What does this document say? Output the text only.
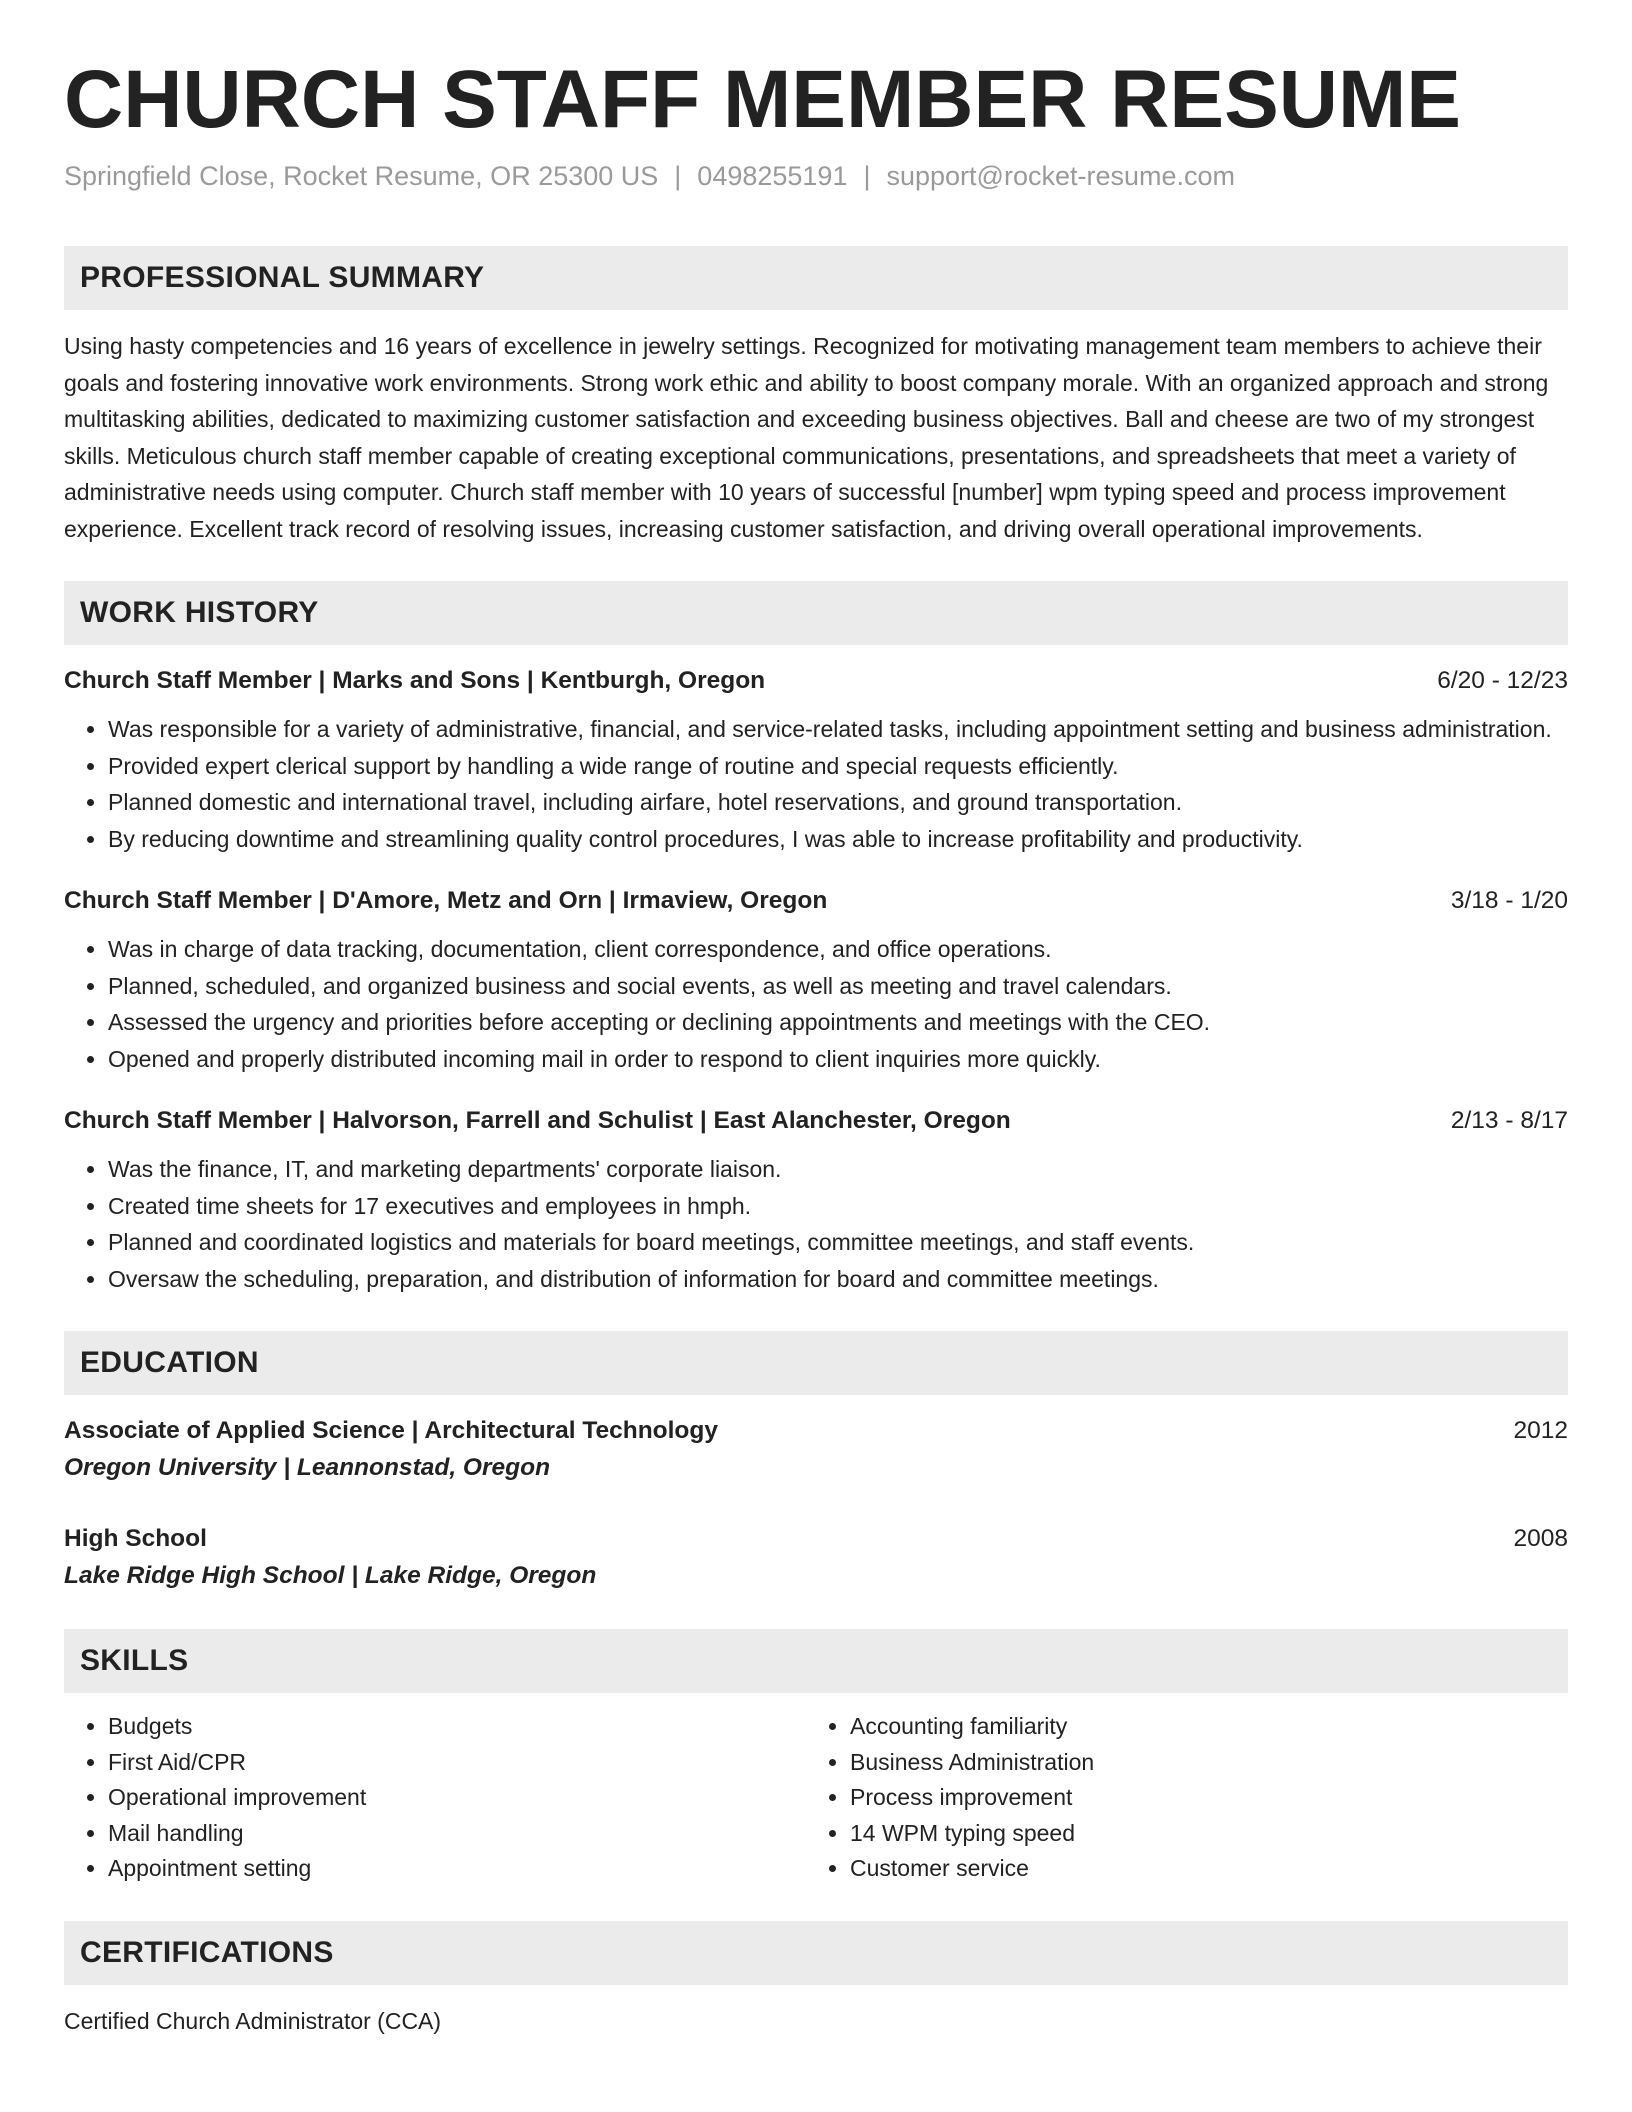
CHURCH STAFF MEMBER RESUME
Springfield Close, Rocket Resume, OR 25300 US | 0498255191 | support@rocket-resume.com
PROFESSIONAL SUMMARY

Using hasty competencies and 16 years of excellence in jewelry settings. Recognized for motivating management team members to achieve their goals and fostering innovative work environments. Strong work ethic and ability to boost company morale. With an organized approach and strong multitasking abilities, dedicated to maximizing customer satisfaction and exceeding business objectives. Ball and cheese are two of my strongest skills. Meticulous church staff member capable of creating exceptional communications, presentations, and spreadsheets that meet a variety of administrative needs using computer. Church staff member with 10 years of successful [number] wpm typing speed and process improvement experience. Excellent track record of resolving issues, increasing customer satisfaction, and driving overall operational improvements.

WORK HISTORY
Church Staff Member | Marks and Sons | Kentburgh, Oregon	6/20 - 12/23
• Was responsible for a variety of administrative, financial, and service-related tasks, including appointment setting and business administration.
• Provided expert clerical support by handling a wide range of routine and special requests efficiently.
• Planned domestic and international travel, including airfare, hotel reservations, and ground transportation.
• By reducing downtime and streamlining quality control procedures, I was able to increase profitability and productivity.
Church Staff Member | D'Amore, Metz and Orn | Irmaview, Oregon	3/18 - 1/20
• Was in charge of data tracking, documentation, client correspondence, and office operations.
• Planned, scheduled, and organized business and social events, as well as meeting and travel calendars.
• Assessed the urgency and priorities before accepting or declining appointments and meetings with the CEO.
• Opened and properly distributed incoming mail in order to respond to client inquiries more quickly.
Church Staff Member | Halvorson, Farrell and Schulist | East Alanchester, Oregon	2/13 - 8/17
• Was the finance, IT, and marketing departments' corporate liaison.
• Created time sheets for 17 executives and employees in hmph.
• Planned and coordinated logistics and materials for board meetings, committee meetings, and staff events.
• Oversaw the scheduling, preparation, and distribution of information for board and committee meetings.
EDUCATION
Associate of Applied Science | Architectural Technology	2012
Oregon University | Leannonstad, Oregon
High School	2008
Lake Ridge High School | Lake Ridge, Oregon
SKILLS
• Budgets
• First Aid/CPR
• Operational improvement
• Mail handling
• Appointment setting
• Accounting familiarity
• Business Administration
• Process improvement
• 14 WPM typing speed
• Customer service
CERTIFICATIONS
Certified Church Administrator (CCA)
